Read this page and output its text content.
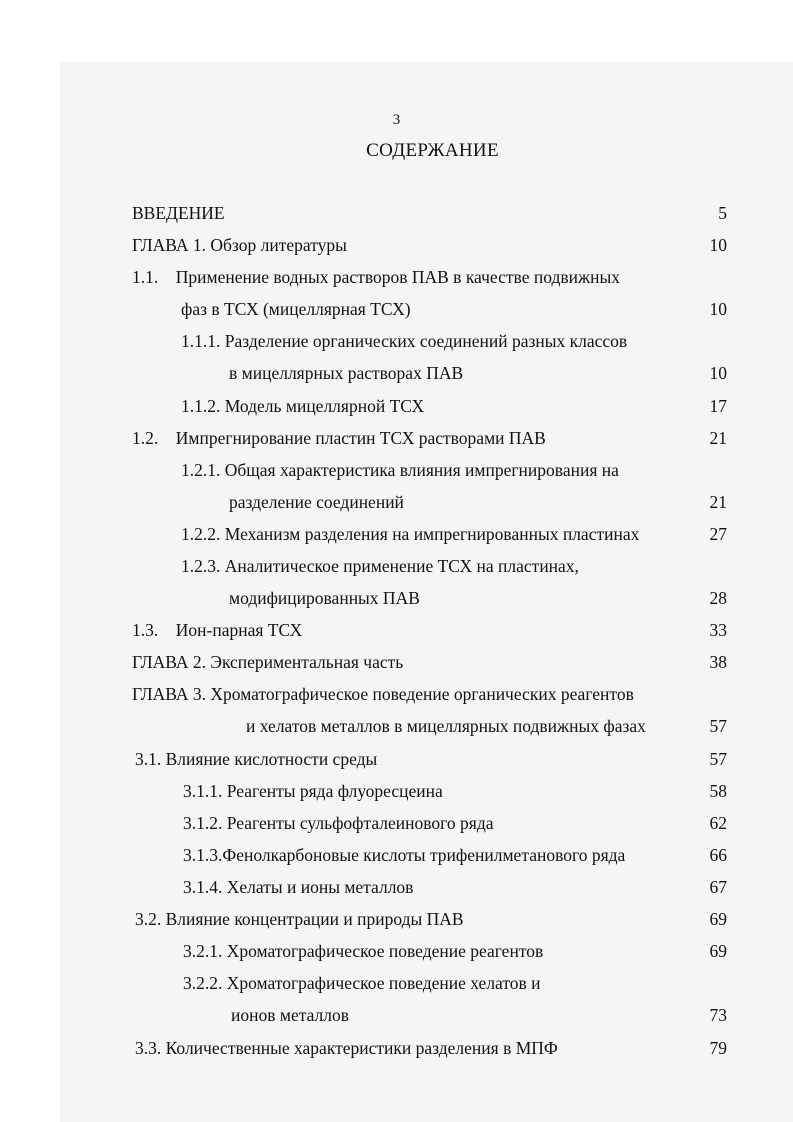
3
СОДЕРЖАНИЕ
ВВЕДЕНИЕ	5
ГЛАВА 1. Обзор литературы	10
1.1.    Применение водных растворов ПАВ в качестве подвижных
фаз в ТСХ (мицеллярная ТСХ)	10
1.1.1. Разделение органических соединений разных классов
в мицеллярных растворах ПАВ	10
1.1.2. Модель мицеллярной ТСХ	17
1.2.    Импрегнирование пластин ТСХ растворами ПАВ	21
1.2.1. Общая характеристика влияния импрегнирования на
разделение соединений	21
1.2.2. Механизм разделения на импрегнированных пластинах	27
1.2.3. Аналитическое применение ТСХ на пластинах,
модифицированных ПАВ	28
1.3.    Ион-парная ТСХ	33
ГЛАВА 2. Экспериментальная часть	38
ГЛАВА 3. Хроматографическое поведение органических реагентов
и хелатов металлов в мицеллярных подвижных фазах	57
3.1. Влияние кислотности среды	57
3.1.1. Реагенты ряда флуоресцеина	58
3.1.2. Реагенты сульфофталеинового ряда	62
3.1.3.Фенолкарбоновые кислоты трифенилметанового ряда	66
3.1.4. Хелаты и ионы металлов	67
3.2. Влияние концентрации и природы ПАВ	69
3.2.1. Хроматографическое поведение реагентов	69
3.2.2. Хроматографическое поведение хелатов и
ионов металлов	73
3.3. Количественные характеристики разделения в МПФ	79
